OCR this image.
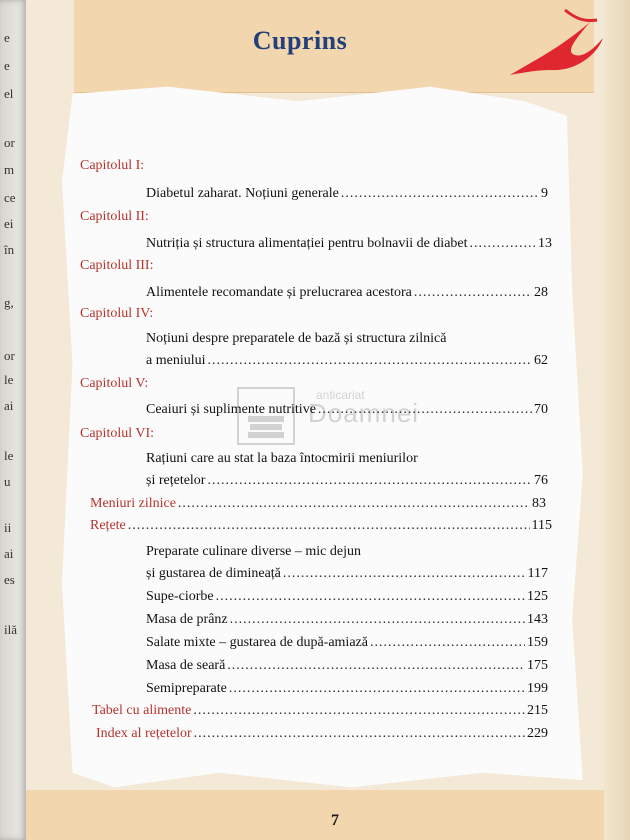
e
e
el
or
m
ce
ei
în
g,
or
le
ai
le
u
ii
ai
es
ilă
Cuprins
anticariat
Doamnei
Capitolul I:
Diabetul zaharat. Noțiuni generale .....	9
Capitolul II:
Nutriția și structura alimentației pentru bolnavii de diabet .....	13
Capitolul III:
Alimentele recomandate și prelucrarea acestora .....	28
Capitolul IV:
Noțiuni despre preparatele de bază și structura zilnică
a meniului .....	62
Capitolul V:
Ceaiuri și suplimente nutritive .....	70
Capitolul VI:
Rațiuni care au stat la baza întocmirii meniurilor
și rețetelor .....	76
Meniuri zilnice .....	83
Rețete .....	115
Preparate culinare diverse – mic dejun
și gustarea de dimineață .....	117
Supe-ciorbe .....	125
Masa de prânz .....	143
Salate mixte – gustarea de după-amiază .....	159
Masa de seară .....	175
Semipreparate .....	199
Tabel cu alimente .....	215
Index al rețetelor .....	229
7
